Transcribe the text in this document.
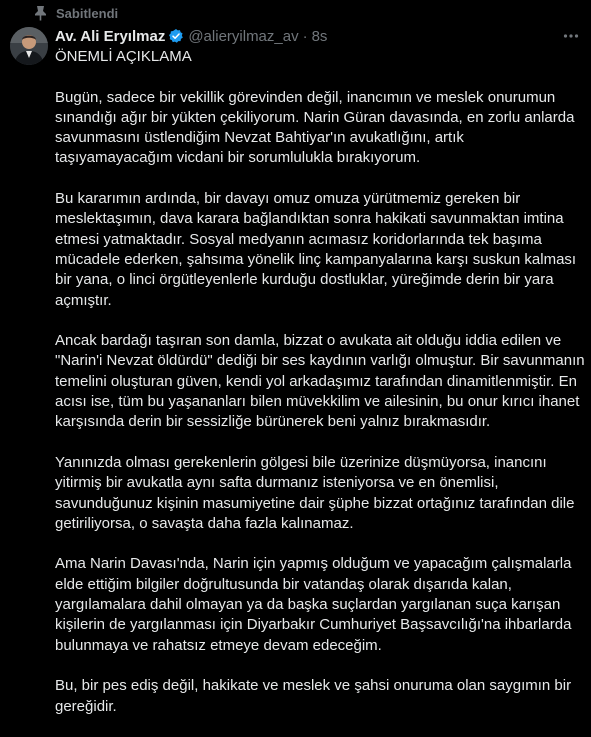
Sabitlendi
Av. Ali Eryılmaz @alieryilmaz_av · 8s

ÖNEMLİ AÇIKLAMA

Bugün, sadece bir vekillik görevinden değil, inancımın ve meslek onurumun sınandığı ağır bir yükten çekiliyorum. Narin Güran davasında, en zorlu anlarda savunmasını üstlendiğim Nevzat Bahtiyar'ın avukatlığını, artık taşıyamayacağım vicdani bir sorumlulukla bırakıyorum.

Bu kararımın ardında, bir davayı omuz omuza yürütmemiz gereken bir meslektaşımın, dava karara bağlandıktan sonra hakikati savunmaktan imtina etmesi yatmaktadır. Sosyal medyanın acımasız koridorlarında tek başıma mücadele ederken, şahsıma yönelik linç kampanyalarına karşı suskun kalması bir yana, o linci örgütleyenlerle kurduğu dostluklar, yüreğimde derin bir yara açmıştır.

Ancak bardağı taşıran son damla, bizzat o avukata ait olduğu iddia edilen ve "Narin'i Nevzat öldürdü" dediği bir ses kaydının varlığı olmuştur. Bir savunmanın temelini oluşturan güven, kendi yol arkadaşımız tarafından dinamitlenmiştir. En acısı ise, tüm bu yaşananları bilen müvekkilim ve ailesinin, bu onur kırıcı ihanet karşısında derin bir sessizliğe bürünerek beni yalnız bırakmasıdır.

Yanınızda olması gerekenlerin gölgesi bile üzerinize düşmüyorsa, inancını yitirmiş bir avukatla aynı safta durmanız isteniyorsa ve en önemlisi, savunduğunuz kişinin masumiyetine dair şüphe bizzat ortağınız tarafından dile getiriliyorsa, o savaşta daha fazla kalınamaz.

Ama Narin Davası'nda, Narin için yapmış olduğum ve yapacağım çalışmalarla elde ettiğim bilgiler doğrultusunda bir vatandaş olarak dışarıda kalan, yargılamalara dahil olmayan ya da başka suçlardan yargılanan suça karışan kişilerin de yargılanması için Diyarbakır Cumhuriyet Başsavcılığı'na ihbarlarda bulunmaya ve rahatsız etmeye devam edeceğim.

Bu, bir pes ediş değil, hakikate ve meslek ve şahsi onuruma olan saygımın bir gereğidir.
